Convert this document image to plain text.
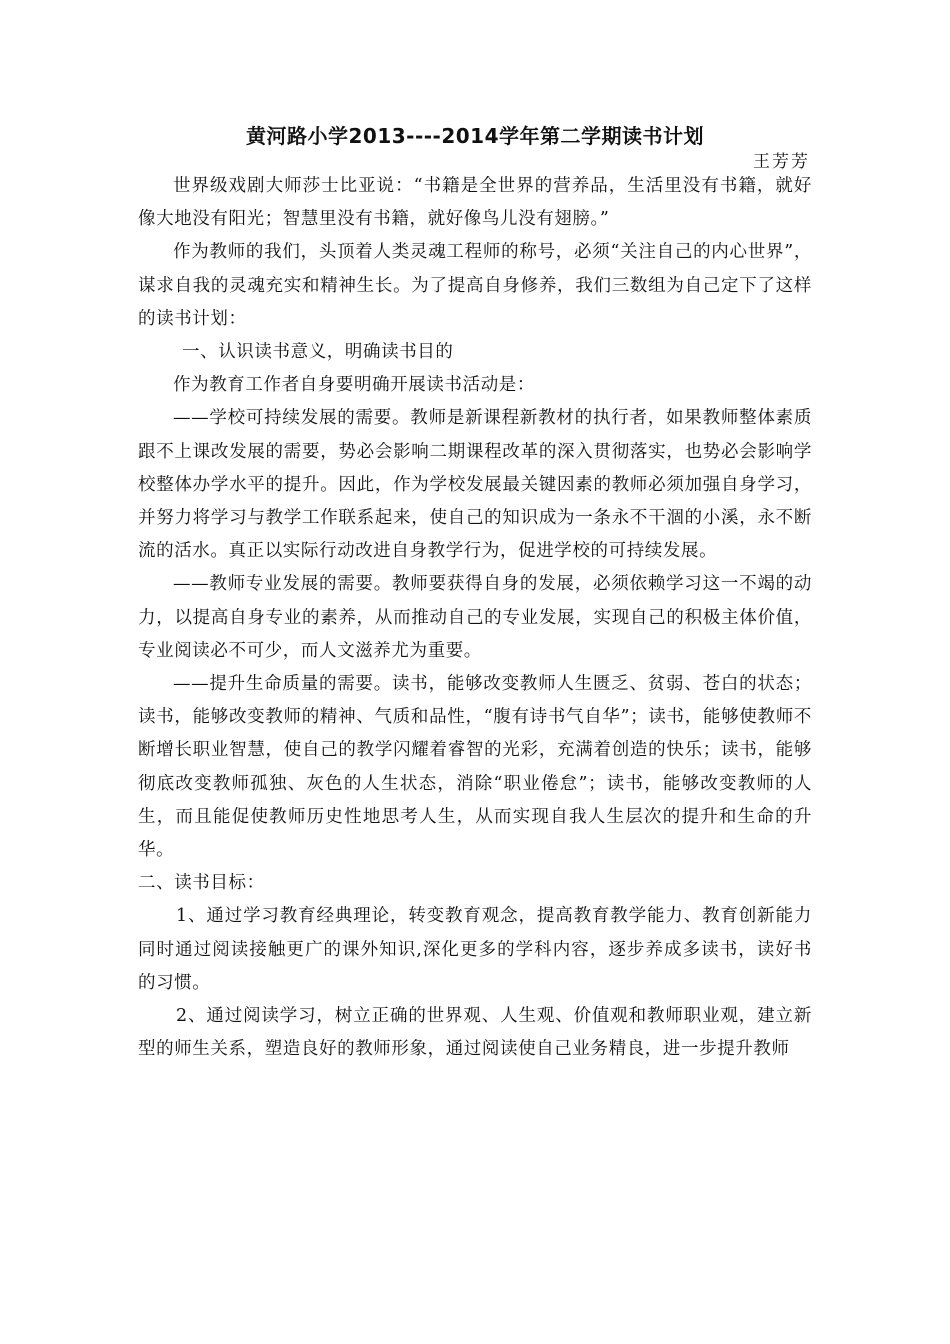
黄河路小学2013----2014学年第二学期读书计划
王芳芳

世界级戏剧大师莎士比亚说：“书籍是全世界的营养品，生活里没有书籍，就好像大地没有阳光；智慧里没有书籍，就好像鸟儿没有翅膀。”

作为教师的我们，头顶着人类灵魂工程师的称号，必须“关注自己的内心世界”，谋求自我的灵魂充实和精神生长。为了提高自身修养，我们三数组为自己定下了这样的读书计划：

一、认识读书意义，明确读书目的

作为教育工作者自身要明确开展读书活动是：

——学校可持续发展的需要。教师是新课程新教材的执行者，如果教师整体素质跟不上课改发展的需要，势必会影响二期课程改革的深入贯彻落实，也势必会影响学校整体办学水平的提升。因此，作为学校发展最关键因素的教师必须加强自身学习，并努力将学习与教学工作联系起来，使自己的知识成为一条永不干涸的小溪，永不断流的活水。真正以实际行动改进自身教学行为，促进学校的可持续发展。

——教师专业发展的需要。教师要获得自身的发展，必须依赖学习这一不竭的动力，以提高自身专业的素养，从而推动自己的专业发展，实现自己的积极主体价值，专业阅读必不可少，而人文滋养尤为重要。

——提升生命质量的需要。读书，能够改变教师人生匮乏、贫弱、苍白的状态；读书，能够改变教师的精神、气质和品性，“腹有诗书气自华”；读书，能够使教师不断增长职业智慧，使自己的教学闪耀着睿智的光彩，充满着创造的快乐；读书，能够彻底改变教师孤独、灰色的人生状态，消除“职业倦怠”；读书，能够改变教师的人生，而且能促使教师历史性地思考人生，从而实现自我人生层次的提升和生命的升华。

二、读书目标：

1、通过学习教育经典理论，转变教育观念，提高教育教学能力、教育创新能力同时通过阅读接触更广的课外知识,深化更多的学科内容，逐步养成多读书，读好书的习惯。

2、通过阅读学习，树立正确的世界观、人生观、价值观和教师职业观，建立新型的师生关系，塑造良好的教师形象，通过阅读使自己业务精良，进一步提升教师
